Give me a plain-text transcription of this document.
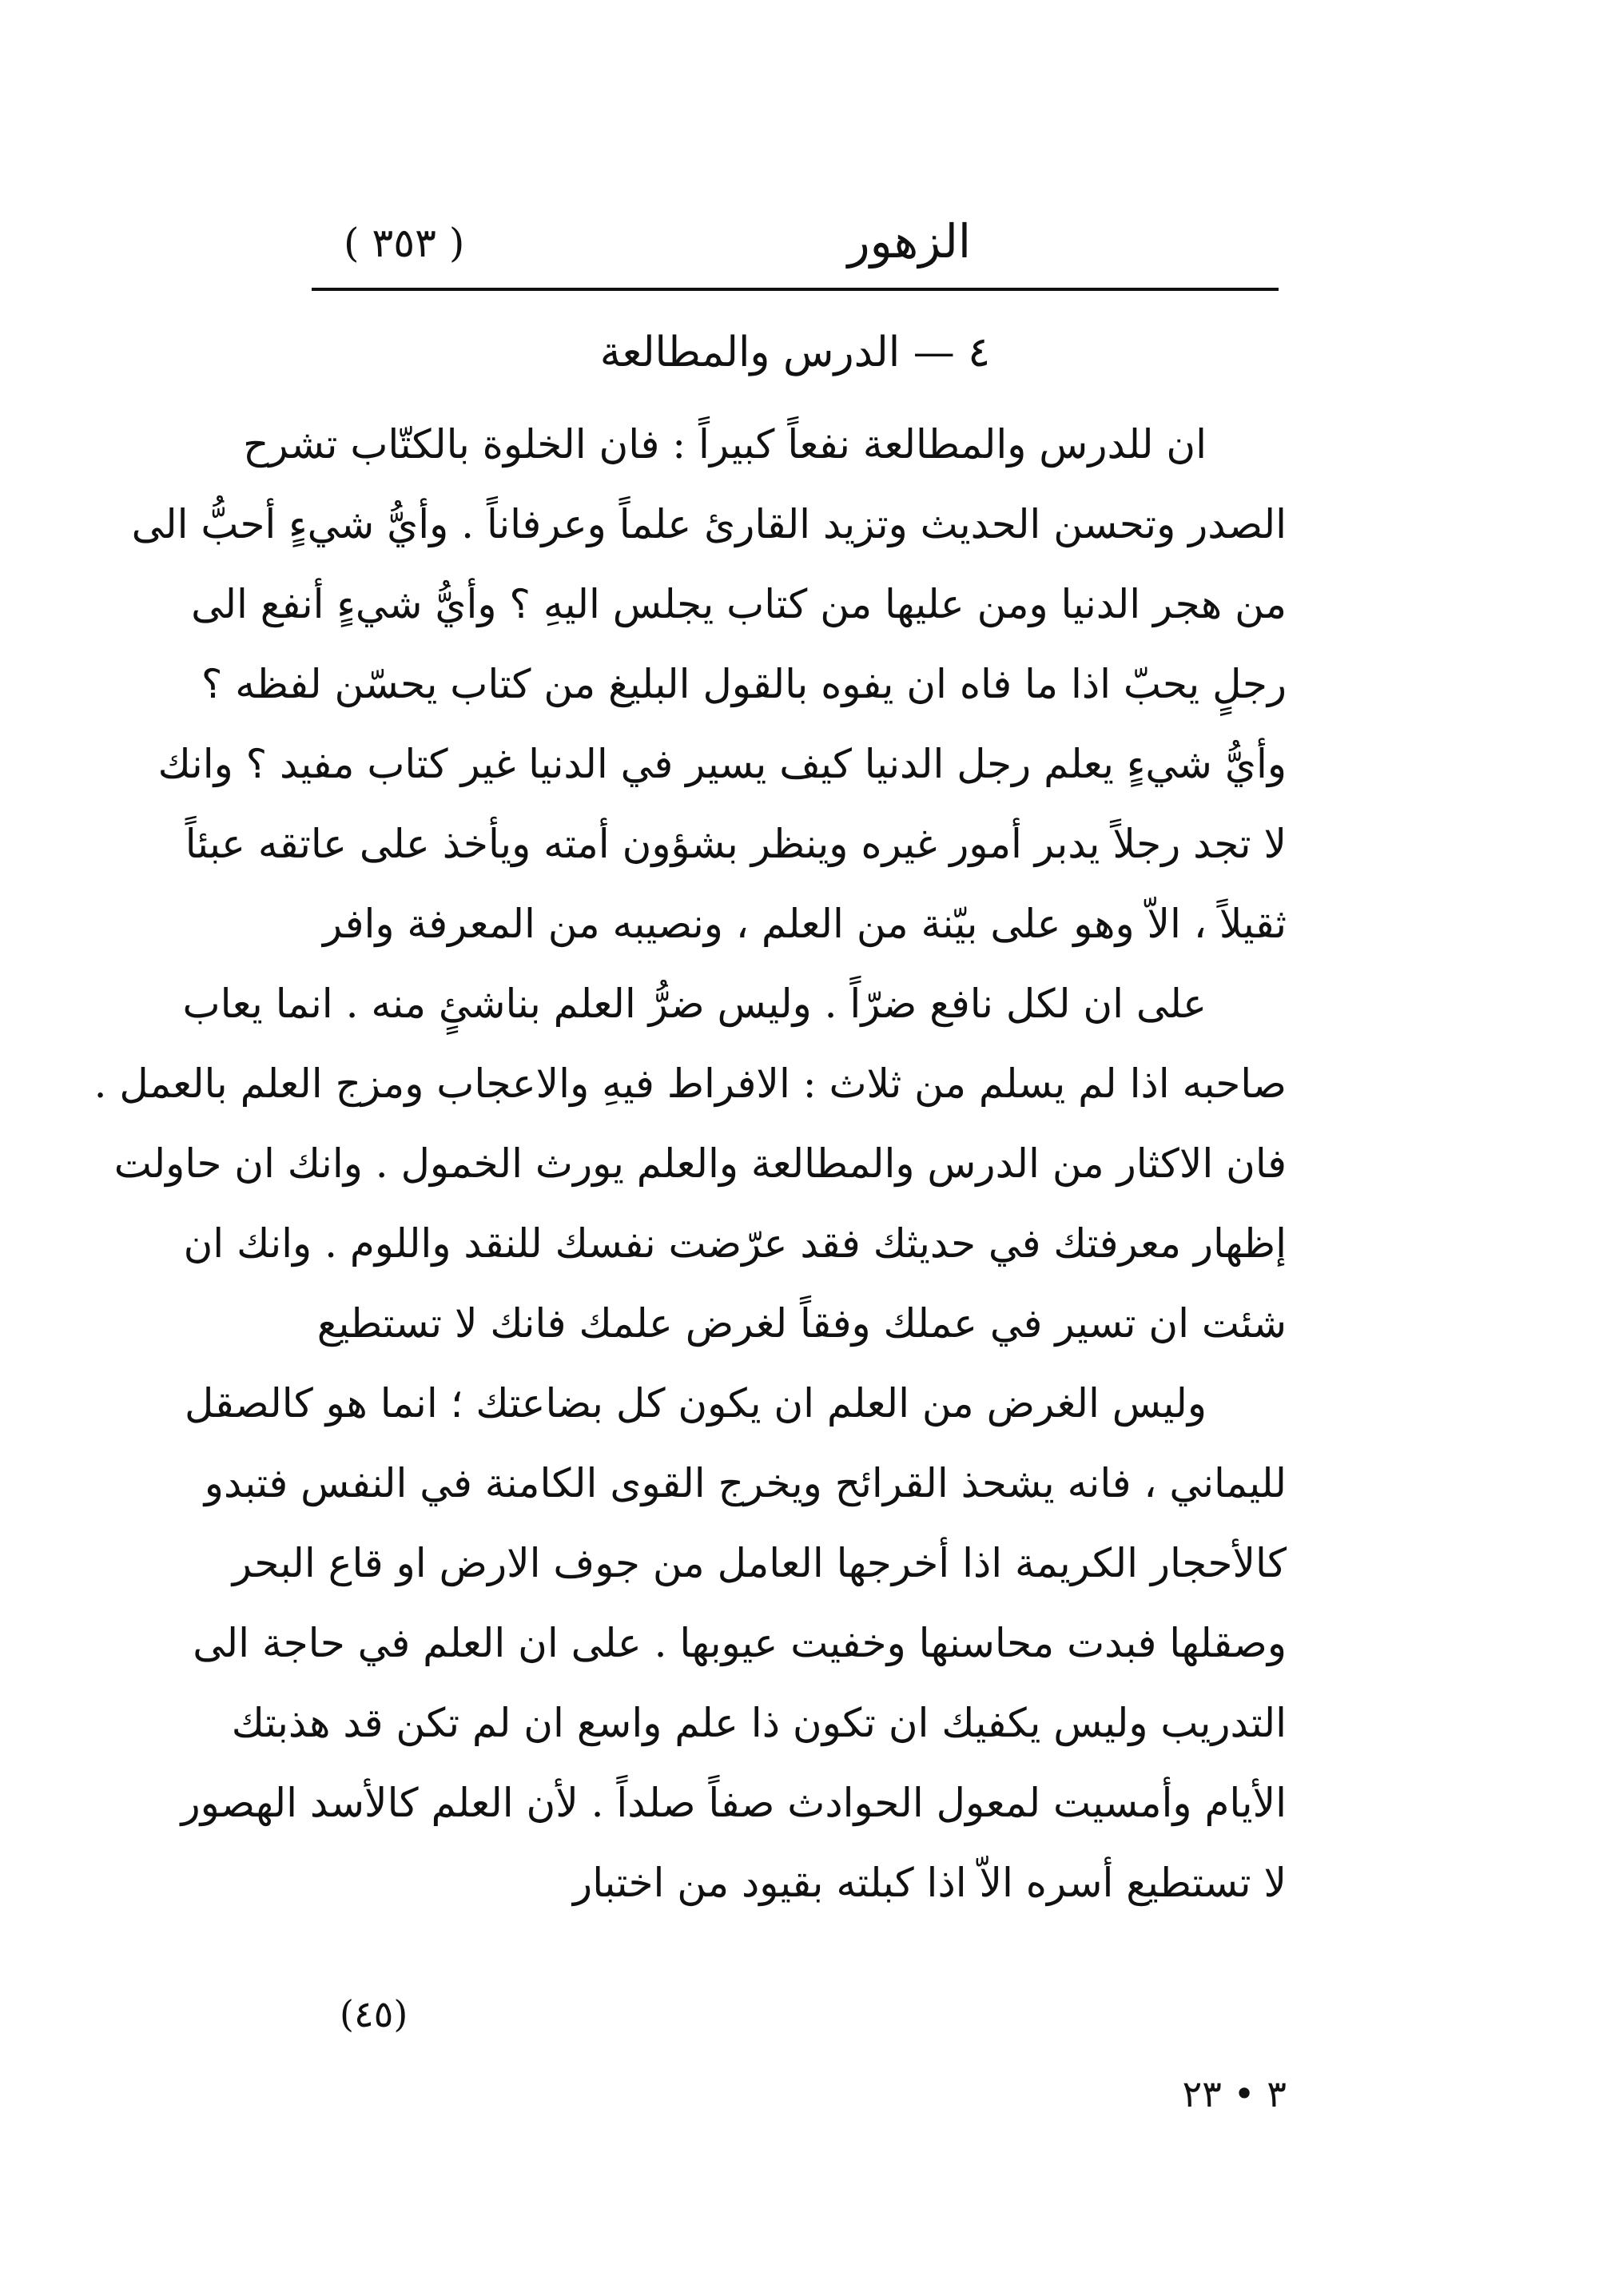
الزهور
( ٣٥٣ )
٤ — الدرس والمطالعة
ان للدرس والمطالعة نفعاً كبيراً : فان الخلوة بالكتّاب تشرح
الصدر وتحسن الحديث وتزيد القارئ علماً وعرفاناً . وأيُّ شيءٍ أحبُّ الى
من هجر الدنيا ومن عليها من كتاب يجلس اليهِ ؟ وأيُّ شيءٍ أنفع الى
رجلٍ يحبّ اذا ما فاه ان يفوه بالقول البليغ من كتاب يحسّن لفظه ؟
وأيُّ شيءٍ يعلم رجل الدنيا كيف يسير في الدنيا غير كتاب مفيد ؟ وانك
لا تجد رجلاً يدبر أمور غيره وينظر بشؤون أمته ويأخذ على عاتقه عبئاً
ثقيلاً ، الاّ وهو على بيّنة من العلم ، ونصيبه من المعرفة وافر
على ان لكل نافع ضرّاً . وليس ضرُّ العلم بناشئٍ منه . انما يعاب
صاحبه اذا لم يسلم من ثلاث : الافراط فيهِ والاعجاب ومزج العلم بالعمل .
فان الاكثار من الدرس والمطالعة والعلم يورث الخمول . وانك ان حاولت
إظهار معرفتك في حديثك فقد عرّضت نفسك للنقد واللوم . وانك ان
شئت ان تسير في عملك وفقاً لغرض علمك فانك لا تستطيع
وليس الغرض من العلم ان يكون كل بضاعتك ؛ انما هو كالصقل
لليماني ، فانه يشحذ القرائح ويخرج القوى الكامنة في النفس فتبدو
كالأحجار الكريمة اذا أخرجها العامل من جوف الارض او قاع البحر
وصقلها فبدت محاسنها وخفيت عيوبها . على ان العلم في حاجة الى
التدريب وليس يكفيك ان تكون ذا علم واسع ان لم تكن قد هذبتك
الأيام وأمسيت لمعول الحوادث صفاً صلداً . لأن العلم كالأسد الهصور
لا تستطيع أسره الاّ اذا كبلته بقيود من اختبار
(٤٥)
٣ • ٢٣
